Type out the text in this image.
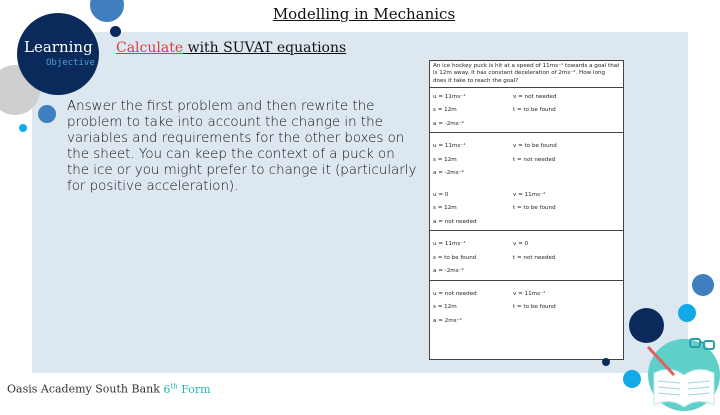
Modelling in Mechanics
Learning
Objective
Calculate with SUVAT equations
Answer the first problem and then rewrite the problem to take into account the change in the variables and requirements for the other boxes on the sheet. You can keep the context of a puck on the ice or you might prefer to change it (particularly for positive acceleration).
An ice hockey puck is hit at a speed of 11ms⁻¹ towards a goal that is 12m away. It has constant deceleration of 2ms⁻². How long does it take to reach the goal?
u = 11ms⁻¹	v = not needed
s = 12m	t = to be found
a = -2ms⁻²
u = 11ms⁻¹	v = to be found
s = 12m	t = not needed
a = -2ms⁻²
u = 0	v = 11ms⁻¹
s = 12m	t = to be found
a = not needed
u = 11ms⁻¹	v = 0
s = to be found	t = not needed
a = -2ms⁻²
u = not needed	v = 11ms⁻¹
s = 12m	t = to be found
a = 2ms⁻²
Oasis Academy South Bank 6th Form
